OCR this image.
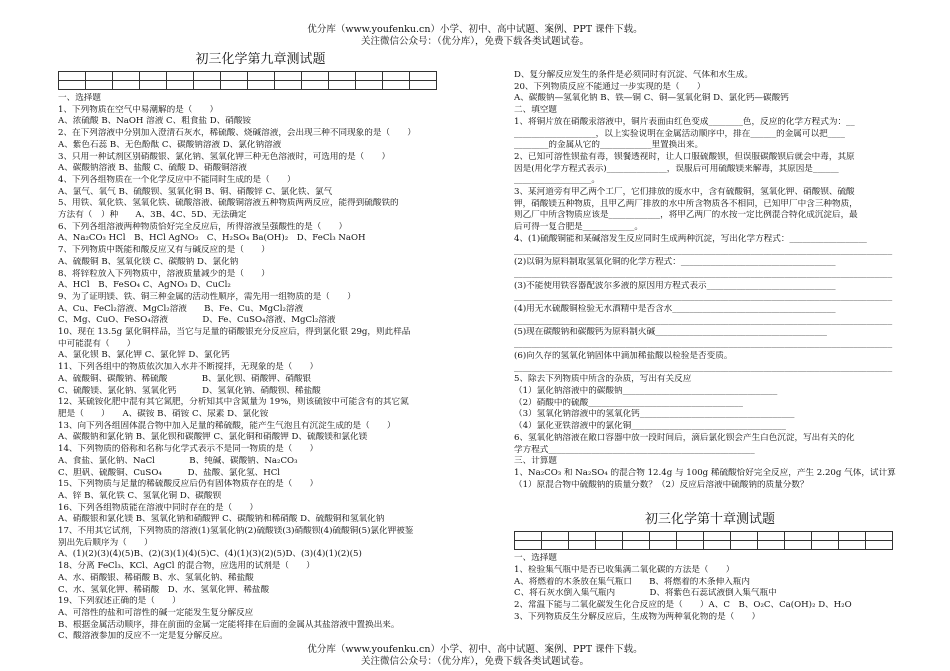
优分库（www.youfenku.cn）小学、初中、高中试题、案例、PPT 课件下载。
关注微信公众号：（优分库），免费下载各类试题试卷。
初三化学第九章测试题

一、选择题
1、下列物质在空气中易潮解的是（　　）
A、浓硫酸 B、NaOH 溶液 C、粗食盐 D、硝酸铵
2、在下列溶液中分别加入澄清石灰水，稀硫酸、烧碱溶液，会出现三种不同现象的是（　　）
A、紫色石蕊 B、无色酚酞 C、碳酸钠溶液 D、氯化钠溶液
3、只用一种试剂区别硝酸银、氯化钠、氢氧化钾三种无色溶液时，可选用的是（　　）
A、碳酸钠溶液 B、盐酸 C、硫酸 D、硝酸铜溶液
4、下列各组物质在一个化学反应中不能同时生成的是（　　）
A、氯气、氧气 B、硫酸钡、氢氧化铜 B、铜、硝酸锌 C、氯化铁、氯气
5、用铁、氧化铁、氢氧化铁、硫酸溶液、硫酸铜溶液五种物质两两反应，能得到硫酸铁的
方法有（　）种　　A、3B、4C、5D、无法确定
6、下列各组溶液两种物质恰好完全反应后，所得溶液呈强酸性的是（　　）
A、Na₂CO₃ HCl　B、HCl AgNO₃　C、H₂SO₄ Ba(OH)₂　D、FeCl₃ NaOH
7、下列物质中既能和酸反应又有与碱反应的是（　　）
A、硫酸铜 B、氢氧化镁 C、碳酸钠 D、氯化钠
8、将锌粒放入下列物质中，溶液质量减少的是（　　）
A、HCl　B、FeSO₄ C、AgNO₃ D、CuCl₂
9、为了证明镁、铁、铜三种金属的活动性顺序，需先用一组物质的是（　　）
A、Cu、FeCl₂溶液、MgCl₂溶液　　B、Fe、Cu、MgCl₂溶液
C、Mg、CuO、FeSO₄溶液　　　　D、Fe、CuSO₄溶液、MgCl₂溶液
10、现在 13.5g 氯化铜样品，当它与足量的硝酸银充分反应后，得到氯化银 29g，则此样品
中可能混有（　　）
A、氯化钡 B、氯化钾 C、氯化锌 D、氯化钙
11、下列各组中的物质依次加入水并不断搅拌，无现象的是（　　）
A、硫酸铜、碳酸钠、稀硫酸　　　　B、氯化钡、硝酸钾、硝酸银
C、硫酸镁、氯化钠、氢氧化钙　　　D、氢氧化钠、硝酸钡、稀盐酸
12、某硫铵化肥中混有其它氮肥，分析知其中含氮量为 19%，则该硫铵中可能含有的其它氮
肥是（　　）　　A、碳铵 B、硝铵 C、尿素 D、氯化铵
13、向下列各组固体混合物中加入足量的稀硫酸，能产生气泡且有沉淀生成的是（　　）
A、碳酸钠和氯化钠 B、氯化钡和碳酸钾 C、氯化铜和硝酸钾 D、硫酸镁和氯化镁
14、下列物质的俗称和名称与化学式表示不是同一物质的是（　　）
A、食盐、氯化钠、NaCl　　　　B、纯碱、碳酸钠、Na₂CO₃
C、胆矾、硫酸铜、CuSO₄　　　D、盐酸、氯化氢、HCl
15、下列物质与足量的稀硫酸反应后仍有固体物质存在的是（　　）
A、锌 B、氧化铁 C、氢氧化铜 D、碳酸钡
16、下列各组物质能在溶液中同时存在的是（　　）
A、硝酸银和氯化镁 B、氢氧化钠和硝酸钾 C、碳酸钠和稀硝酸 D、硫酸铜和氢氧化钠
17、不用其它试剂，下列物质的溶液(1)氢氧化钠(2)硫酸镁(3)硝酸钡(4)硫酸铜(5)氯化钾被鉴
别出先后顺序为（　　）
A、(1)(2)(3)(4)(5)B、(2)(3)(1)(4)(5)C、(4)(1)(3)(2)(5)D、(3)(4)(1)(2)(5)
18、分离 FeCl₃、KCl、AgCl 的混合物，应选用的试剂是（　　）
A、水、硝酸银、稀硝酸 B、水、氢氧化钠、稀盐酸
C、水、氢氧化钾、稀硝酸　D、水、氢氧化钾、稀盐酸
19、下列叙述正确的是（　　）
A、可溶性的盐和可溶性的碱一定能发生复分解反应
B、根据金属活动顺序，排在前面的金属一定能将排在后面的金属从其盐溶液中置换出来。
C、酸溶液参加的反应不一定是复分解反应。
D、复分解反应发生的条件是必须同时有沉淀、气体和水生成。
20、下列物质反应不能通过一步实现的是（　　）
A、碳酸钠—氢氧化钠 B、铁—铜 C、铜—氢氧化铜 D、氯化钙—碳酸钙
二、填空题
1、将铜片放在硝酸汞溶液中，铜片表面由红色变成________色，反应的化学方程式为：__
___________________，以上实验说明在金属活动顺序中，排在______的金属可以把____
________的金属从它的____________里置换出来。
2、已知可溶性钡盐有毒，钡餐透视时，让人口服硫酸钡，但误服碳酸钡后就会中毒，其原
因是(用化学方程式表示)______________，误服后可用硫酸镁来解毒，其原因是______
__________________。
3、某河道旁有甲乙两个工厂，它们排放的废水中，含有硫酸铜，氢氧化钾、硝酸钡、硫酸
钾，硝酸镁五种物质，且甲乙两厂排放的水中所含物质各不相同，已知甲厂中含三种物质，
则乙厂中所含物质应该是____________，将甲乙两厂的水按一定比例混合特化成沉淀后，最
后可得一复合肥是____________。
4、(1)硫酸铜能和某碱溶发生反应同时生成两种沉淀，写出化学方程式：__________________
________________________________________________________________________________________
(2)以铜为原料制取氢氧化铜的化学方程式：____________________________________
________________________________________________________________________________________
(3)不能使用铁容器配波尔多液的原因用方程式表示______________________________
________________________________________________________________________________________
(4)用无水硫酸铜检验无水酒精中是否含水______________________________________
________________________________________________________________________________________
(5)现在碳酸钠和碳酸钙为原料制火碱________________________________________
________________________________________________________________________________________
(6)向久存的氢氧化钠固体中滴加稀盐酸以检验是否变质。
________________________________________________________________________________________
5、除去下列物质中所含的杂质，写出有关反应
（1）氯化钠溶液中的碳酸钠____________________________________
（2）硝酸中的硫酸____________________________________
（3）氢氧化钠溶液中的氢氧化钙____________________________________
（4）氯化亚铁溶液中的氯化铜____________________________________
6、氢氧化钠溶液在敞口容器中放一段时间后，滴后氯化钡会产生白色沉淀，写出有关的化
学方程式________________________________________________
三、计算题
1、Na₂CO₃ 和 Na₂SO₄ 的混合物 12.4g 与 100g 稀硫酸恰好完全反应，产生 2.20g 气体，试计算
（1）原混合物中硫酸钠的质量分数？（2）反应后溶液中硫酸钠的质量分数？
初三化学第十章测试题

一、选择题
1、检验集气瓶中是否已收集满二氧化碳的方法是（　　）
A、将燃着的木条放在集气瓶口　　B、将燃着的木条伸入瓶内
C、将石灰水倒入集气瓶内　　　　D、将紫色石蕊试液倒入集气瓶中
2、常温下能与二氧化碳发生化合反应的是（　　）A、C　B、O₂C、Ca(OH)₂ D、H₂O
3、下列物质反生分解反应后，生成物为两种氧化物的是（　　）
优分库（www.youfenku.cn）小学、初中、高中试题、案例、PPT 课件下载。
关注微信公众号：（优分库），免费下载各类试题试卷。
